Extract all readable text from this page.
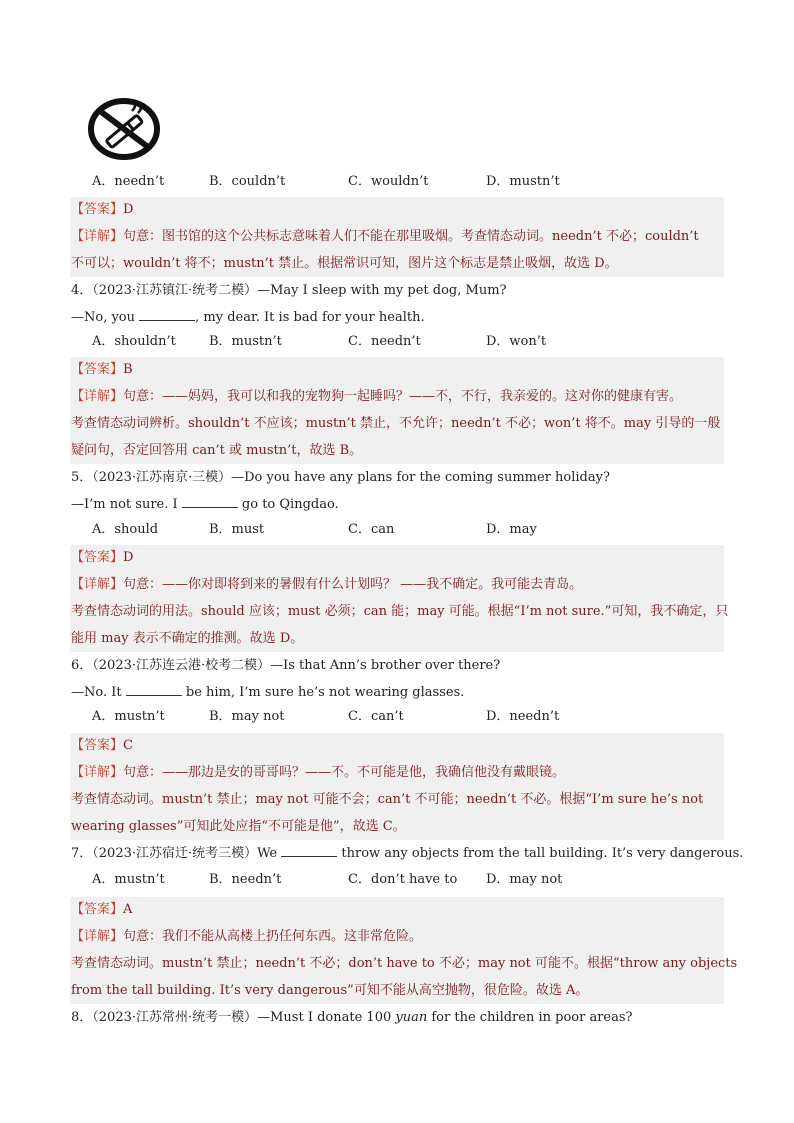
A．needn’t	B．couldn’t	C．wouldn’t	D．mustn’t
【答案】D
【详解】句意：图书馆的这个公共标志意味着人们不能在那里吸烟。考查情态动词。needn’t 不必；couldn’t
不可以；wouldn’t 将不；mustn’t 禁止。根据常识可知，图片这个标志是禁止吸烟，故选 D。
4．（2023·江苏镇江·统考二模）—May I sleep with my pet dog, Mum?
—No, you	, my dear. It is bad for your health.
A．shouldn’t	B．mustn’t	C．needn’t	D．won’t
【答案】B
【详解】句意：——妈妈，我可以和我的宠物狗一起睡吗？——不，不行，我亲爱的。这对你的健康有害。
考查情态动词辨析。shouldn’t 不应该；mustn’t 禁止，不允许；needn’t 不必；won’t 将不。may 引导的一般
疑问句，否定回答用 can’t 或 mustn’t，故选 B。
5．（2023·江苏南京·三模）—Do you have any plans for the coming summer holiday?
—I’m not sure. I	go to Qingdao.
A．should	B．must	C．can	D．may
【答案】D
【详解】句意：——你对即将到来的暑假有什么计划吗？ ——我不确定。我可能去青岛。
考查情态动词的用法。should 应该；must 必须；can 能；may 可能。根据“I’m not sure.”可知，我不确定，只
能用 may 表示不确定的推测。故选 D。
6．（2023·江苏连云港·校考二模）—Is that Ann’s brother over there?
—No. It	be him, I’m sure he’s not wearing glasses.
A．mustn’t	B．may not	C．can’t	D．needn’t
【答案】C
【详解】句意：——那边是安的哥哥吗？——不。不可能是他，我确信他没有戴眼镜。
考查情态动词。mustn’t 禁止；may not 可能不会；can’t 不可能；needn’t 不必。根据“I’m sure he’s not
wearing glasses”可知此处应指“不可能是他”，故选 C。
7．（2023·江苏宿迁·统考三模）We	throw any objects from the tall building. It’s very dangerous.
A．mustn’t	B．needn’t	C．don’t have to D．may not
【答案】A
【详解】句意：我们不能从高楼上扔任何东西。这非常危险。
考查情态动词。mustn’t 禁止；needn’t 不必；don’t have to 不必；may not 可能不。根据“throw any objects
from the tall building. It’s very dangerous”可知不能从高空抛物，很危险。故选 A。
8．（2023·江苏常州·统考一模）—Must I donate 100 yuan for the children in poor areas?
